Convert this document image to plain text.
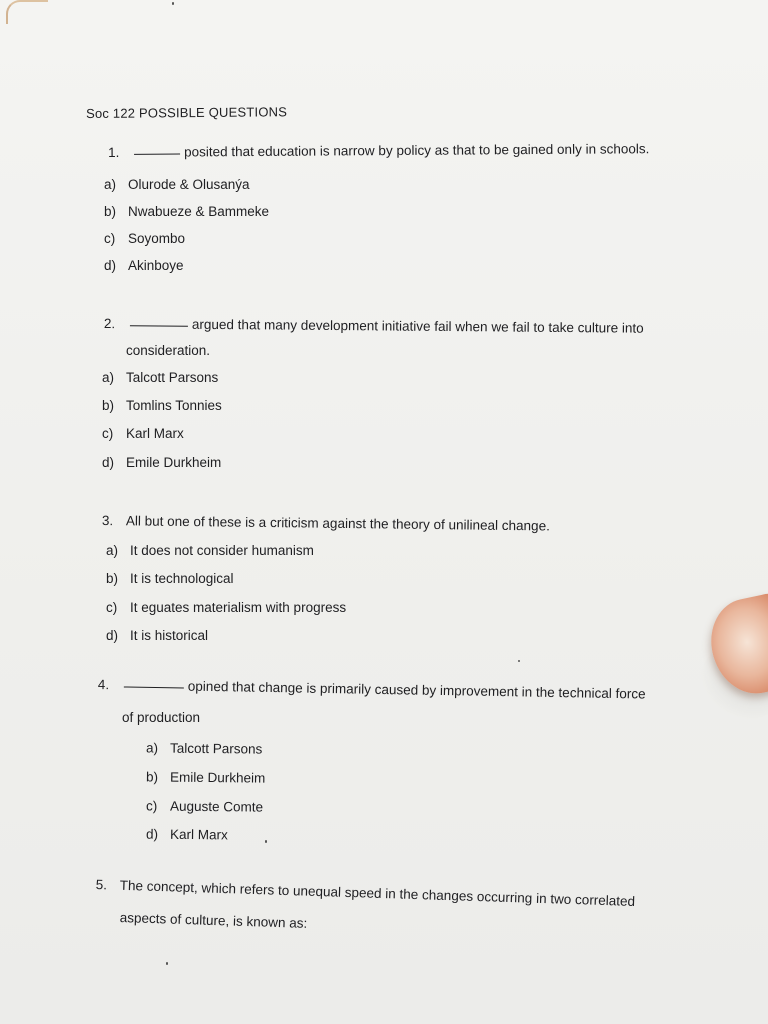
Soc 122 POSSIBLE QUESTIONS
1.	posited that education is narrow by policy as that to be gained only in schools.
a) Olurode & Olusanýa
b) Nwabueze & Bammeke
c) Soyombo
d) Akinboye
2.	argued that many development initiative fail when we fail to take culture into
consideration.
a) Talcott Parsons
b) Tomlins Tonnies
c) Karl Marx
d) Emile Durkheim
3. All but one of these is a criticism against the theory of unilineal change.
a) It does not consider humanism
b) It is technological
c) It eguates materialism with progress
d) It is historical
4.	opined that change is primarily caused by improvement in the technical force
of production
a) Talcott Parsons
b) Emile Durkheim
c) Auguste Comte
d) Karl Marx
5. The concept, which refers to unequal speed in the changes occurring in two correlated
aspects of culture, is known as:
